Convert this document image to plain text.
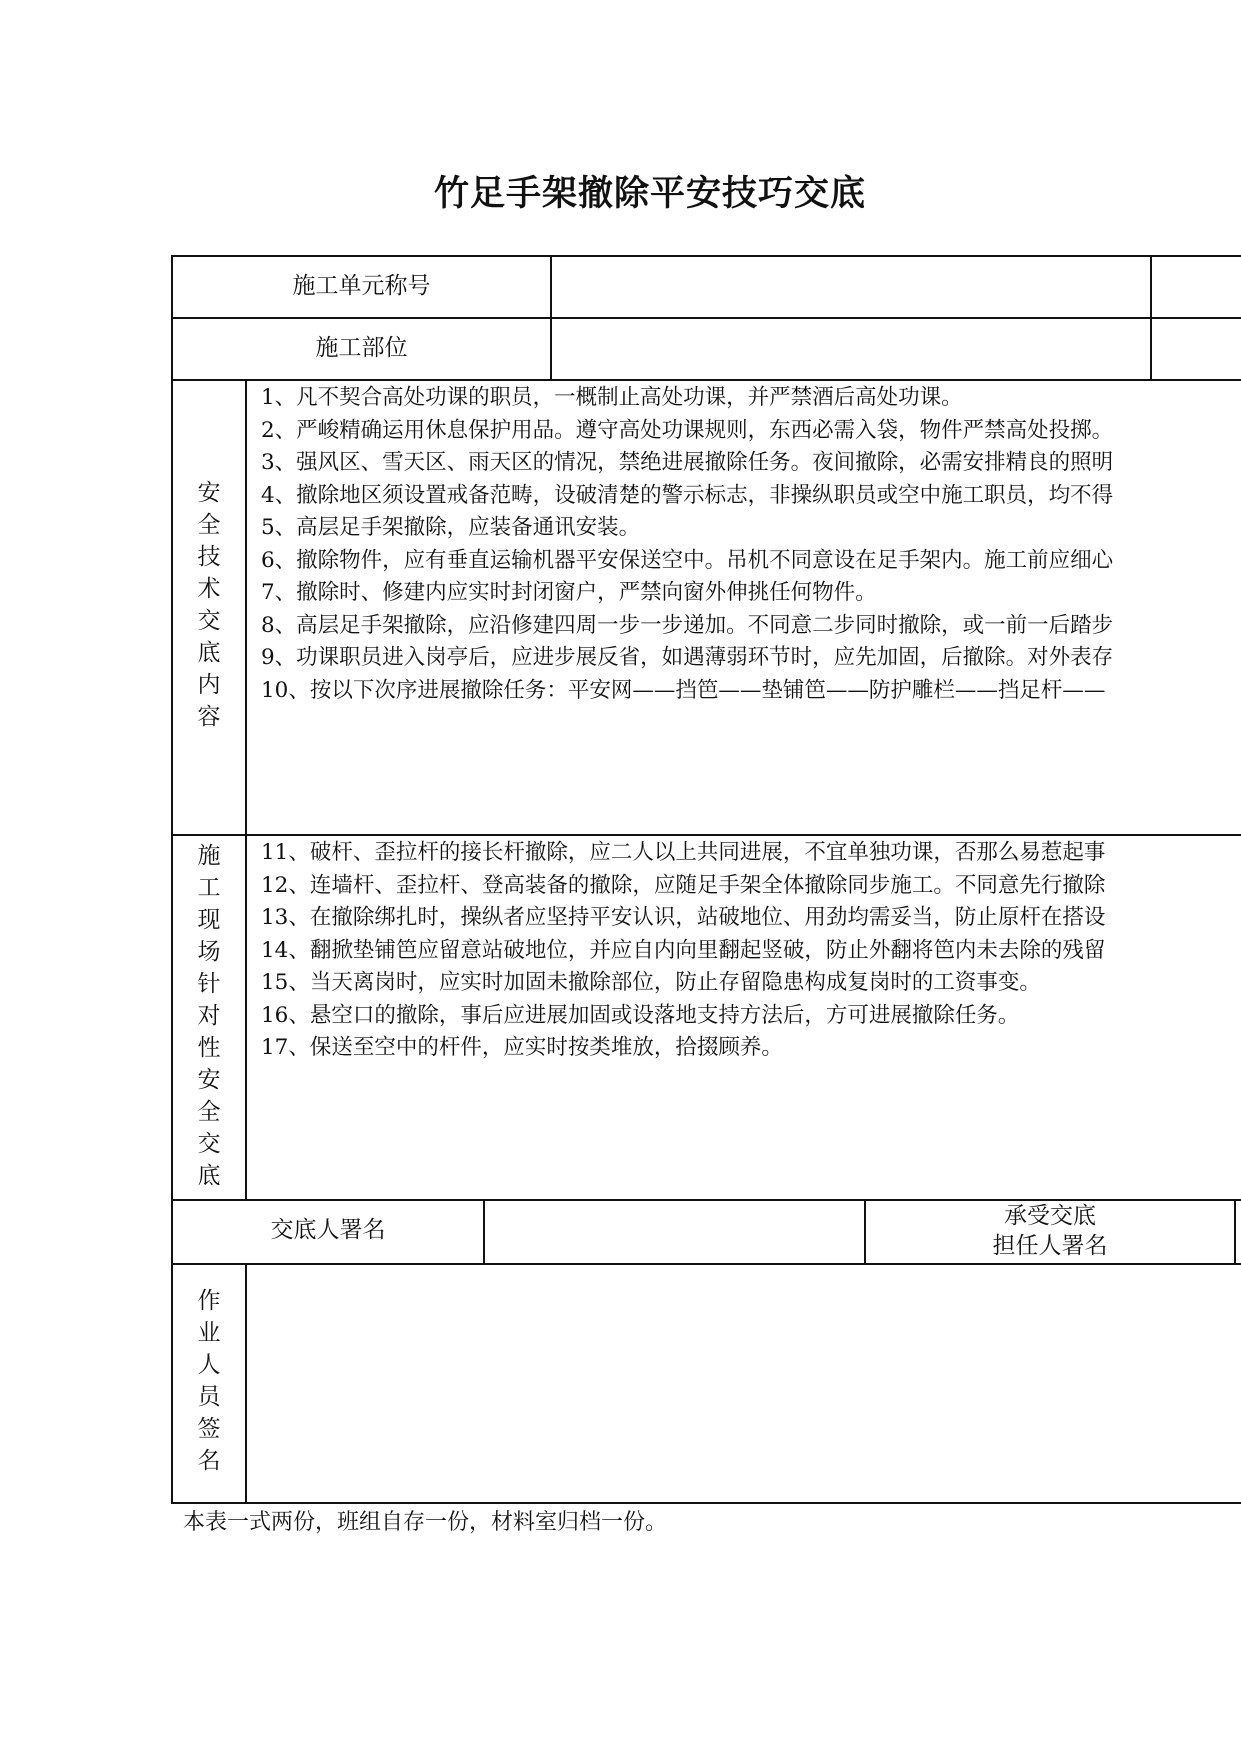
竹足手架撤除平安技巧交底
施工单元称号
施工部位
安
全
技
术
交
底
内
容
1、凡不契合高处功课的职员，一概制止高处功课，并严禁酒后高处功课。
2、严峻精确运用休息保护用品。遵守高处功课规则，东西必需入袋，物件严禁高处投掷。
3、强风区、雪天区、雨天区的情况，禁绝进展撤除任务。夜间撤除，必需安排精良的照明
4、撤除地区须设置戒备范畴，设破清楚的警示标志，非操纵职员或空中施工职员，均不得
5、高层足手架撤除，应装备通讯安装。
6、撤除物件，应有垂直运输机器平安保送空中。吊机不同意设在足手架内。施工前应细心
7、撤除时、修建内应实时封闭窗户，严禁向窗外伸挑任何物件。
8、高层足手架撤除，应沿修建四周一步一步递加。不同意二步同时撤除，或一前一后踏步
9、功课职员进入岗亭后，应进步展反省，如遇薄弱环节时，应先加固，后撤除。对外表存
10、按以下次序进展撤除任务：平安网——挡笆——垫铺笆——防护雕栏——挡足杆——
施
工
现
场
针
对
性
安
全
交
底
11、破杆、歪拉杆的接长杆撤除，应二人以上共同进展，不宜单独功课，否那么易惹起事
12、连墙杆、歪拉杆、登高装备的撤除，应随足手架全体撤除同步施工。不同意先行撤除
13、在撤除绑扎时，操纵者应坚持平安认识，站破地位、用劲均需妥当，防止原杆在搭设
14、翻掀垫铺笆应留意站破地位，并应自内向里翻起竖破，防止外翻将笆内未去除的残留
15、当天离岗时，应实时加固未撤除部位，防止存留隐患构成复岗时的工资事变。
16、悬空口的撤除，事后应进展加固或设落地支持方法后，方可进展撤除任务。
17、保送至空中的杆件，应实时按类堆放，拾掇顾养。
交底人署名
承受交底
担任人署名
作
业
人
员
签
名
本表一式两份，班组自存一份，材料室归档一份。
